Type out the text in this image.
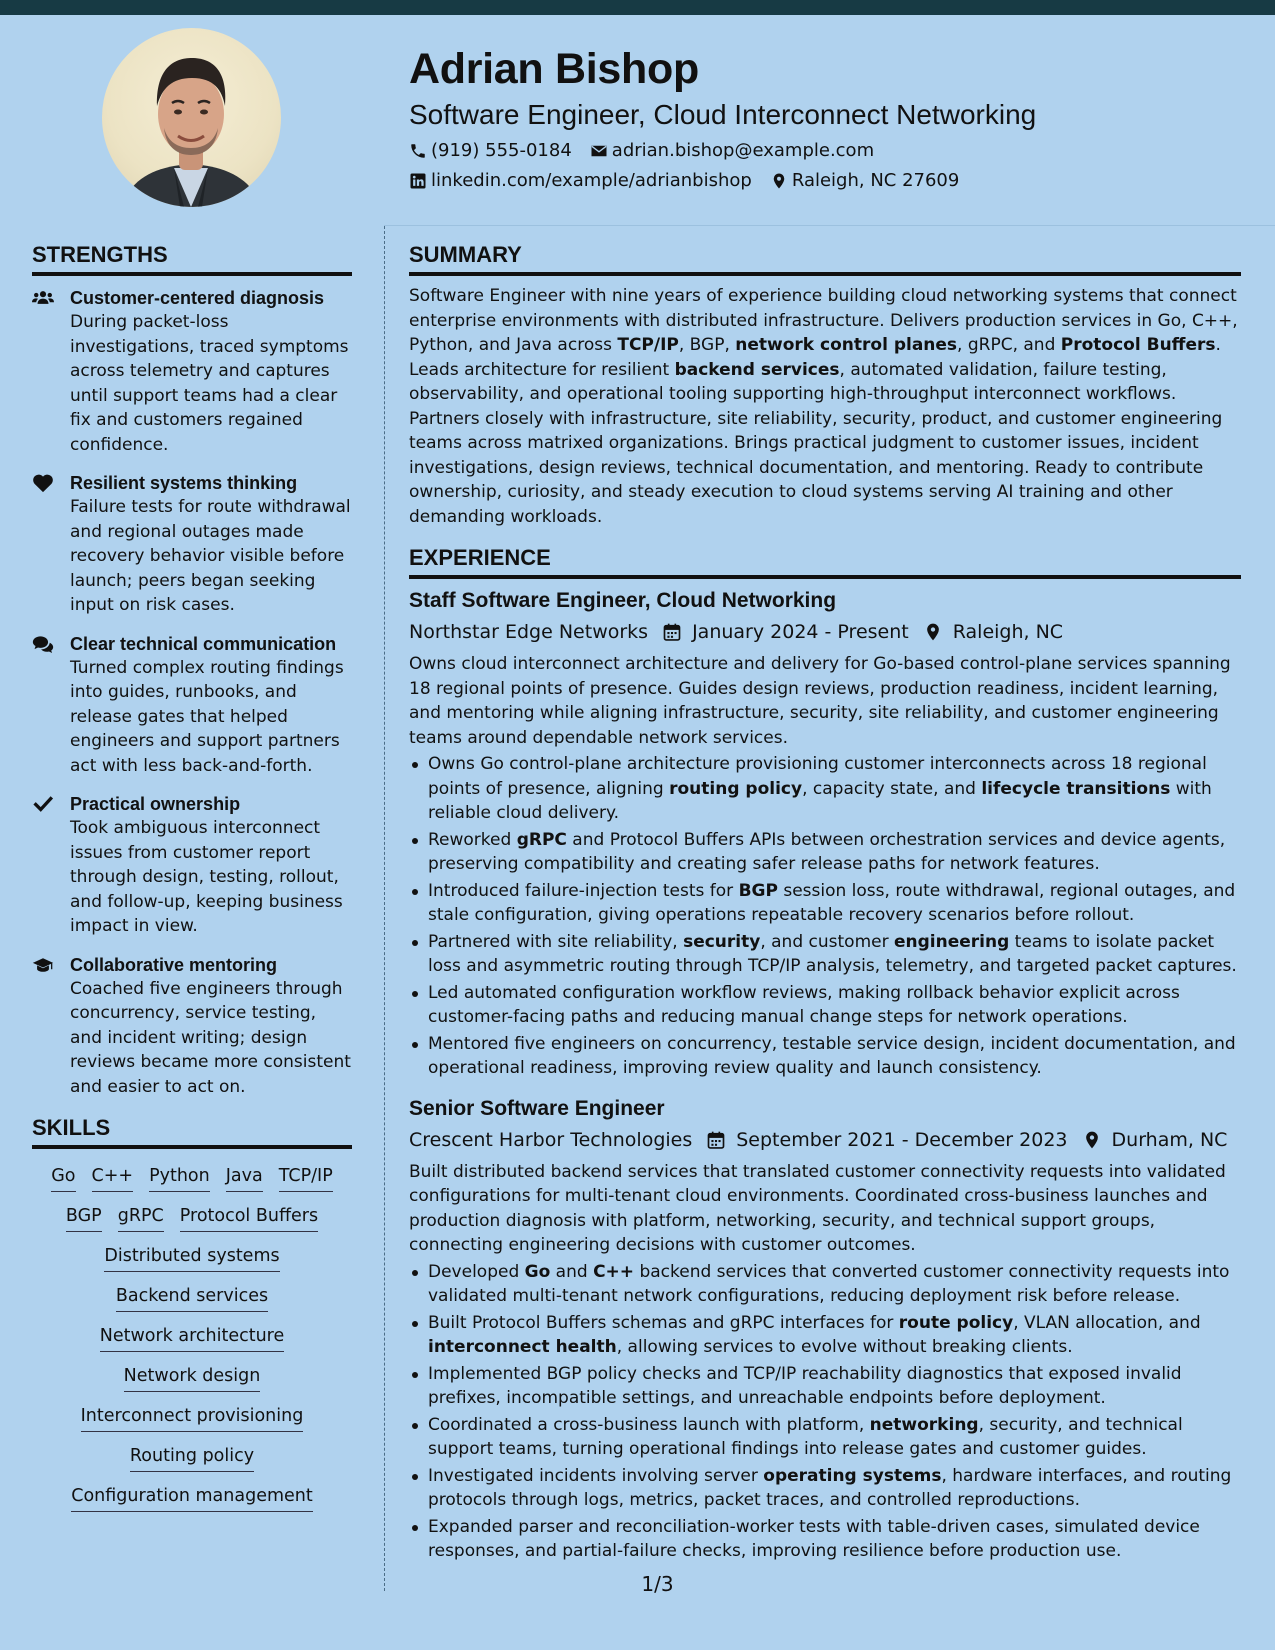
Adrian Bishop
Software Engineer, Cloud Interconnect Networking
(919) 555-0184 adrian.bishop@example.com
linkedin.com/example/adrianbishop Raleigh, NC 27609
STRENGTHS
Customer-centered diagnosis
During packet-loss investigations, traced symptoms across telemetry and captures until support teams had a clear fix and customers regained confidence.
Resilient systems thinking
Failure tests for route withdrawal and regional outages made recovery behavior visible before launch; peers began seeking input on risk cases.
Clear technical communication
Turned complex routing findings into guides, runbooks, and release gates that helped engineers and support partners act with less back-and-forth.
Practical ownership
Took ambiguous interconnect issues from customer report through design, testing, rollout, and follow-up, keeping business impact in view.
Collaborative mentoring
Coached five engineers through concurrency, service testing, and incident writing; design reviews became more consistent and easier to act on.
SKILLS
Go C++ Python Java TCP/IP
BGP gRPC Protocol Buffers
Distributed systems
Backend services
Network architecture
Network design
Interconnect provisioning
Routing policy
Configuration management
SUMMARY
Software Engineer with nine years of experience building cloud networking systems that connect enterprise environments with distributed infrastructure. Delivers production services in Go, C++, Python, and Java across TCP/IP, BGP, network control planes, gRPC, and Protocol Buffers. Leads architecture for resilient backend services, automated validation, failure testing, observability, and operational tooling supporting high-throughput interconnect workflows. Partners closely with infrastructure, site reliability, security, product, and customer engineering teams across matrixed organizations. Brings practical judgment to customer issues, incident investigations, design reviews, technical documentation, and mentoring. Ready to contribute ownership, curiosity, and steady execution to cloud systems serving AI training and other demanding workloads.
EXPERIENCE
Staff Software Engineer, Cloud Networking
Northstar Edge Networks January 2024 - Present Raleigh, NC
Owns cloud interconnect architecture and delivery for Go-based control-plane services spanning 18 regional points of presence. Guides design reviews, production readiness, incident learning, and mentoring while aligning infrastructure, security, site reliability, and customer engineering teams around dependable network services.
Owns Go control-plane architecture provisioning customer interconnects across 18 regional points of presence, aligning routing policy, capacity state, and lifecycle transitions with reliable cloud delivery.
Reworked gRPC and Protocol Buffers APIs between orchestration services and device agents, preserving compatibility and creating safer release paths for network features.
Introduced failure-injection tests for BGP session loss, route withdrawal, regional outages, and stale configuration, giving operations repeatable recovery scenarios before rollout.
Partnered with site reliability, security, and customer engineering teams to isolate packet loss and asymmetric routing through TCP/IP analysis, telemetry, and targeted packet captures.
Led automated configuration workflow reviews, making rollback behavior explicit across customer-facing paths and reducing manual change steps for network operations.
Mentored five engineers on concurrency, testable service design, incident documentation, and operational readiness, improving review quality and launch consistency.
Senior Software Engineer
Crescent Harbor Technologies September 2021 - December 2023 Durham, NC
Built distributed backend services that translated customer connectivity requests into validated configurations for multi-tenant cloud environments. Coordinated cross-business launches and production diagnosis with platform, networking, security, and technical support groups, connecting engineering decisions with customer outcomes.
Developed Go and C++ backend services that converted customer connectivity requests into validated multi-tenant network configurations, reducing deployment risk before release.
Built Protocol Buffers schemas and gRPC interfaces for route policy, VLAN allocation, and interconnect health, allowing services to evolve without breaking clients.
Implemented BGP policy checks and TCP/IP reachability diagnostics that exposed invalid prefixes, incompatible settings, and unreachable endpoints before deployment.
Coordinated a cross-business launch with platform, networking, security, and technical support teams, turning operational findings into release gates and customer guides.
Investigated incidents involving server operating systems, hardware interfaces, and routing protocols through logs, metrics, packet traces, and controlled reproductions.
Expanded parser and reconciliation-worker tests with table-driven cases, simulated device responses, and partial-failure checks, improving resilience before production use.
1/3
